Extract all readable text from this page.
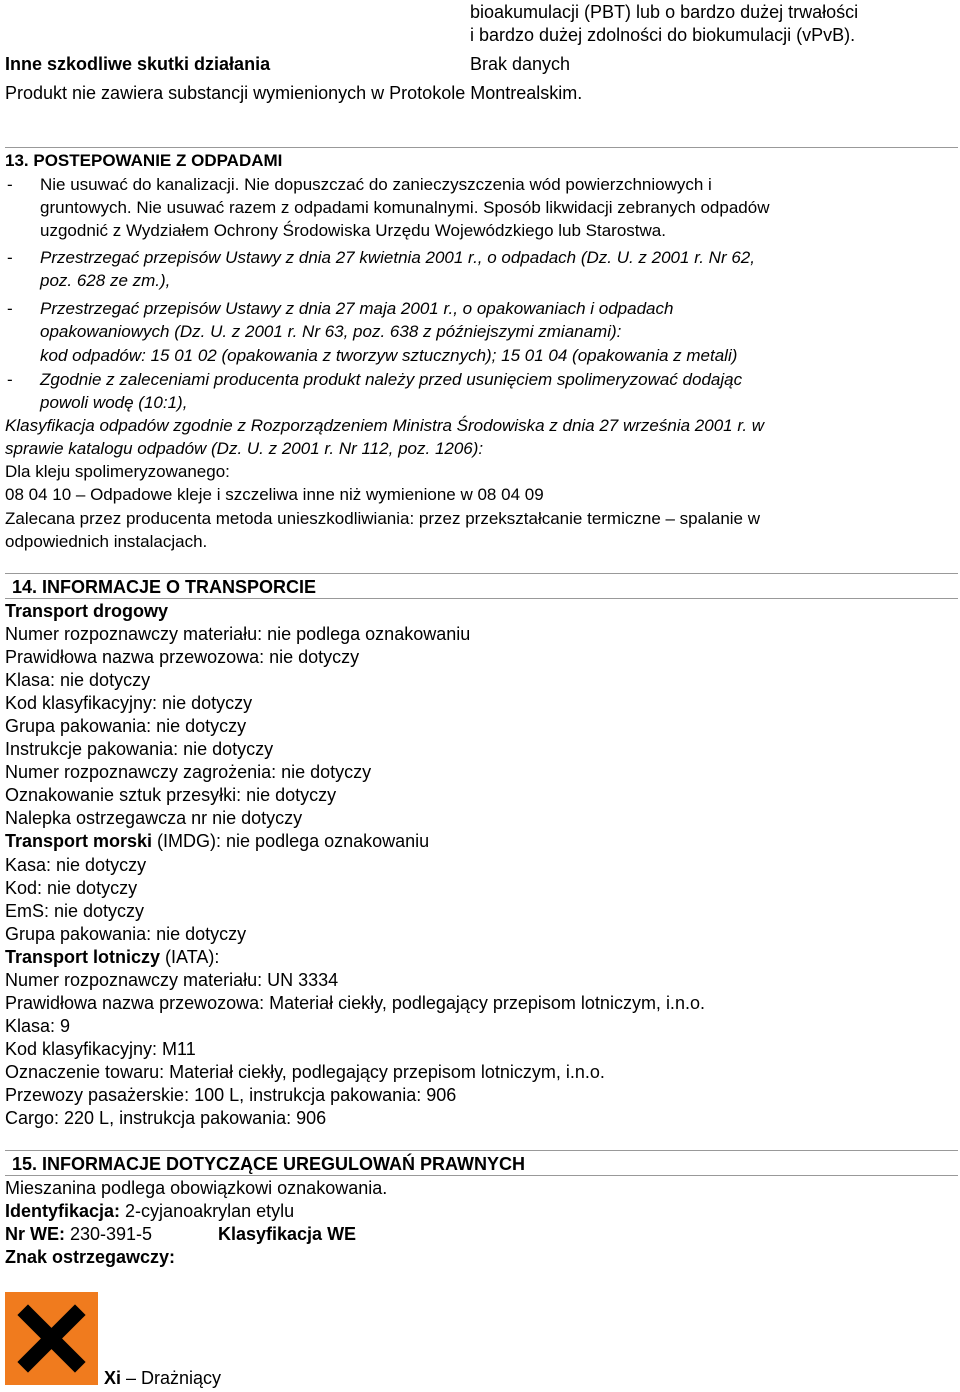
bioakumulacji (PBT) lub o bardzo dużej trwałości
i bardzo dużej zdolności do biokumulacji (vPvB).
Inne szkodliwe skutki działania	Brak danych
Produkt nie zawiera substancji wymienionych w Protokole Montrealskim.
13. POSTEPOWANIE Z ODPADAMI
- Nie usuwać do kanalizacji. Nie dopuszczać do zanieczyszczenia wód powierzchniowych i
gruntowych. Nie usuwać razem z odpadami komunalnymi. Sposób likwidacji zebranych odpadów
uzgodnić z Wydziałem Ochrony Środowiska Urzędu Wojewódzkiego lub Starostwa.
- Przestrzegać przepisów Ustawy z dnia 27 kwietnia 2001 r., o odpadach (Dz. U. z 2001 r. Nr 62,
poz. 628 ze zm.),
- Przestrzegać przepisów Ustawy z dnia 27 maja 2001 r., o opakowaniach i odpadach
opakowaniowych (Dz. U. z 2001 r. Nr 63, poz. 638 z późniejszymi zmianami):
kod odpadów: 15 01 02 (opakowania z tworzyw sztucznych); 15 01 04 (opakowania z metali)
- Zgodnie z zaleceniami producenta produkt należy przed usunięciem spolimeryzować dodając
powoli wodę (10:1),
Klasyfikacja odpadów zgodnie z Rozporządzeniem Ministra Środowiska z dnia 27 września 2001 r. w
sprawie katalogu odpadów (Dz. U. z 2001 r. Nr 112, poz. 1206):
Dla kleju spolimeryzowanego:
08 04 10 – Odpadowe kleje i szczeliwa inne niż wymienione w 08 04 09
Zalecana przez producenta metoda unieszkodliwiania: przez przekształcanie termiczne – spalanie w
odpowiednich instalacjach.
14. INFORMACJE O TRANSPORCIE
Transport drogowy
Numer rozpoznawczy materiału: nie podlega oznakowaniu
Prawidłowa nazwa przewozowa: nie dotyczy
Klasa: nie dotyczy
Kod klasyfikacyjny: nie dotyczy
Grupa pakowania: nie dotyczy
Instrukcje pakowania: nie dotyczy
Numer rozpoznawczy zagrożenia: nie dotyczy
Oznakowanie sztuk przesyłki: nie dotyczy
Nalepka ostrzegawcza nr nie dotyczy
Transport morski (IMDG): nie podlega oznakowaniu
Kasa: nie dotyczy
Kod: nie dotyczy
EmS: nie dotyczy
Grupa pakowania: nie dotyczy
Transport lotniczy (IATA):
Numer rozpoznawczy materiału: UN 3334
Prawidłowa nazwa przewozowa: Materiał ciekły, podlegający przepisom lotniczym, i.n.o.
Klasa: 9
Kod klasyfikacyjny: M11
Oznaczenie towaru: Materiał ciekły, podlegający przepisom lotniczym, i.n.o.
Przewozy pasażerskie: 100 L, instrukcja pakowania: 906
Cargo: 220 L, instrukcja pakowania: 906
15. INFORMACJE DOTYCZĄCE UREGULOWAŃ PRAWNYCH
Mieszanina podlega obowiązkowi oznakowania.
Identyfikacja: 2-cyjanoakrylan etylu
Nr WE: 230-391-5	Klasyfikacja WE
Znak ostrzegawczy:
Xi – Drażniący
